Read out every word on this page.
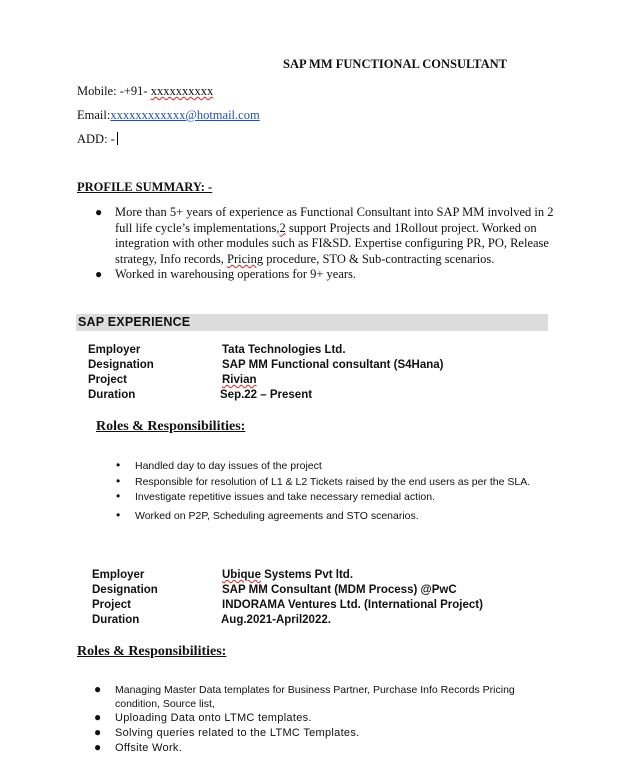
SAP MM FUNCTIONAL CONSULTANT
Mobile: -+91- xxxxxxxxxx
Email:xxxxxxxxxxxx@hotmail.com
ADD: -
PROFILE SUMMARY: -
● More than 5+ years of experience as Functional Consultant into SAP MM involved in 2 full life cycle’s implementations,2 support Projects and 1Rollout project. Worked on integration with other modules such as FI&SD. Expertise configuring PR, PO, Release strategy, Info records, Pricing procedure, STO & Sub-contracting scenarios.
● Worked in warehousing operations for 9+ years.
SAP EXPERIENCE
Employer	Tata Technologies Ltd.
Designation	SAP MM Functional consultant (S4Hana)
Project	Rivian
Duration	Sep.22 – Present
Roles & Responsibilities:
• Handled day to day issues of the project
• Responsible for resolution of L1 & L2 Tickets raised by the end users as per the SLA.
• Investigate repetitive issues and take necessary remedial action.
• Worked on P2P, Scheduling agreements and STO scenarios.
Employer	Ubique Systems Pvt ltd.
Designation	SAP MM Consultant (MDM Process) @PwC
Project	INDORAMA Ventures Ltd. (International Project)
Duration	Aug.2021-April2022.
Roles & Responsibilities:
● Managing Master Data templates for Business Partner, Purchase Info Records Pricing condition, Source list,
● Uploading Data onto LTMC templates.
● Solving queries related to the LTMC Templates.
● Offsite Work.
